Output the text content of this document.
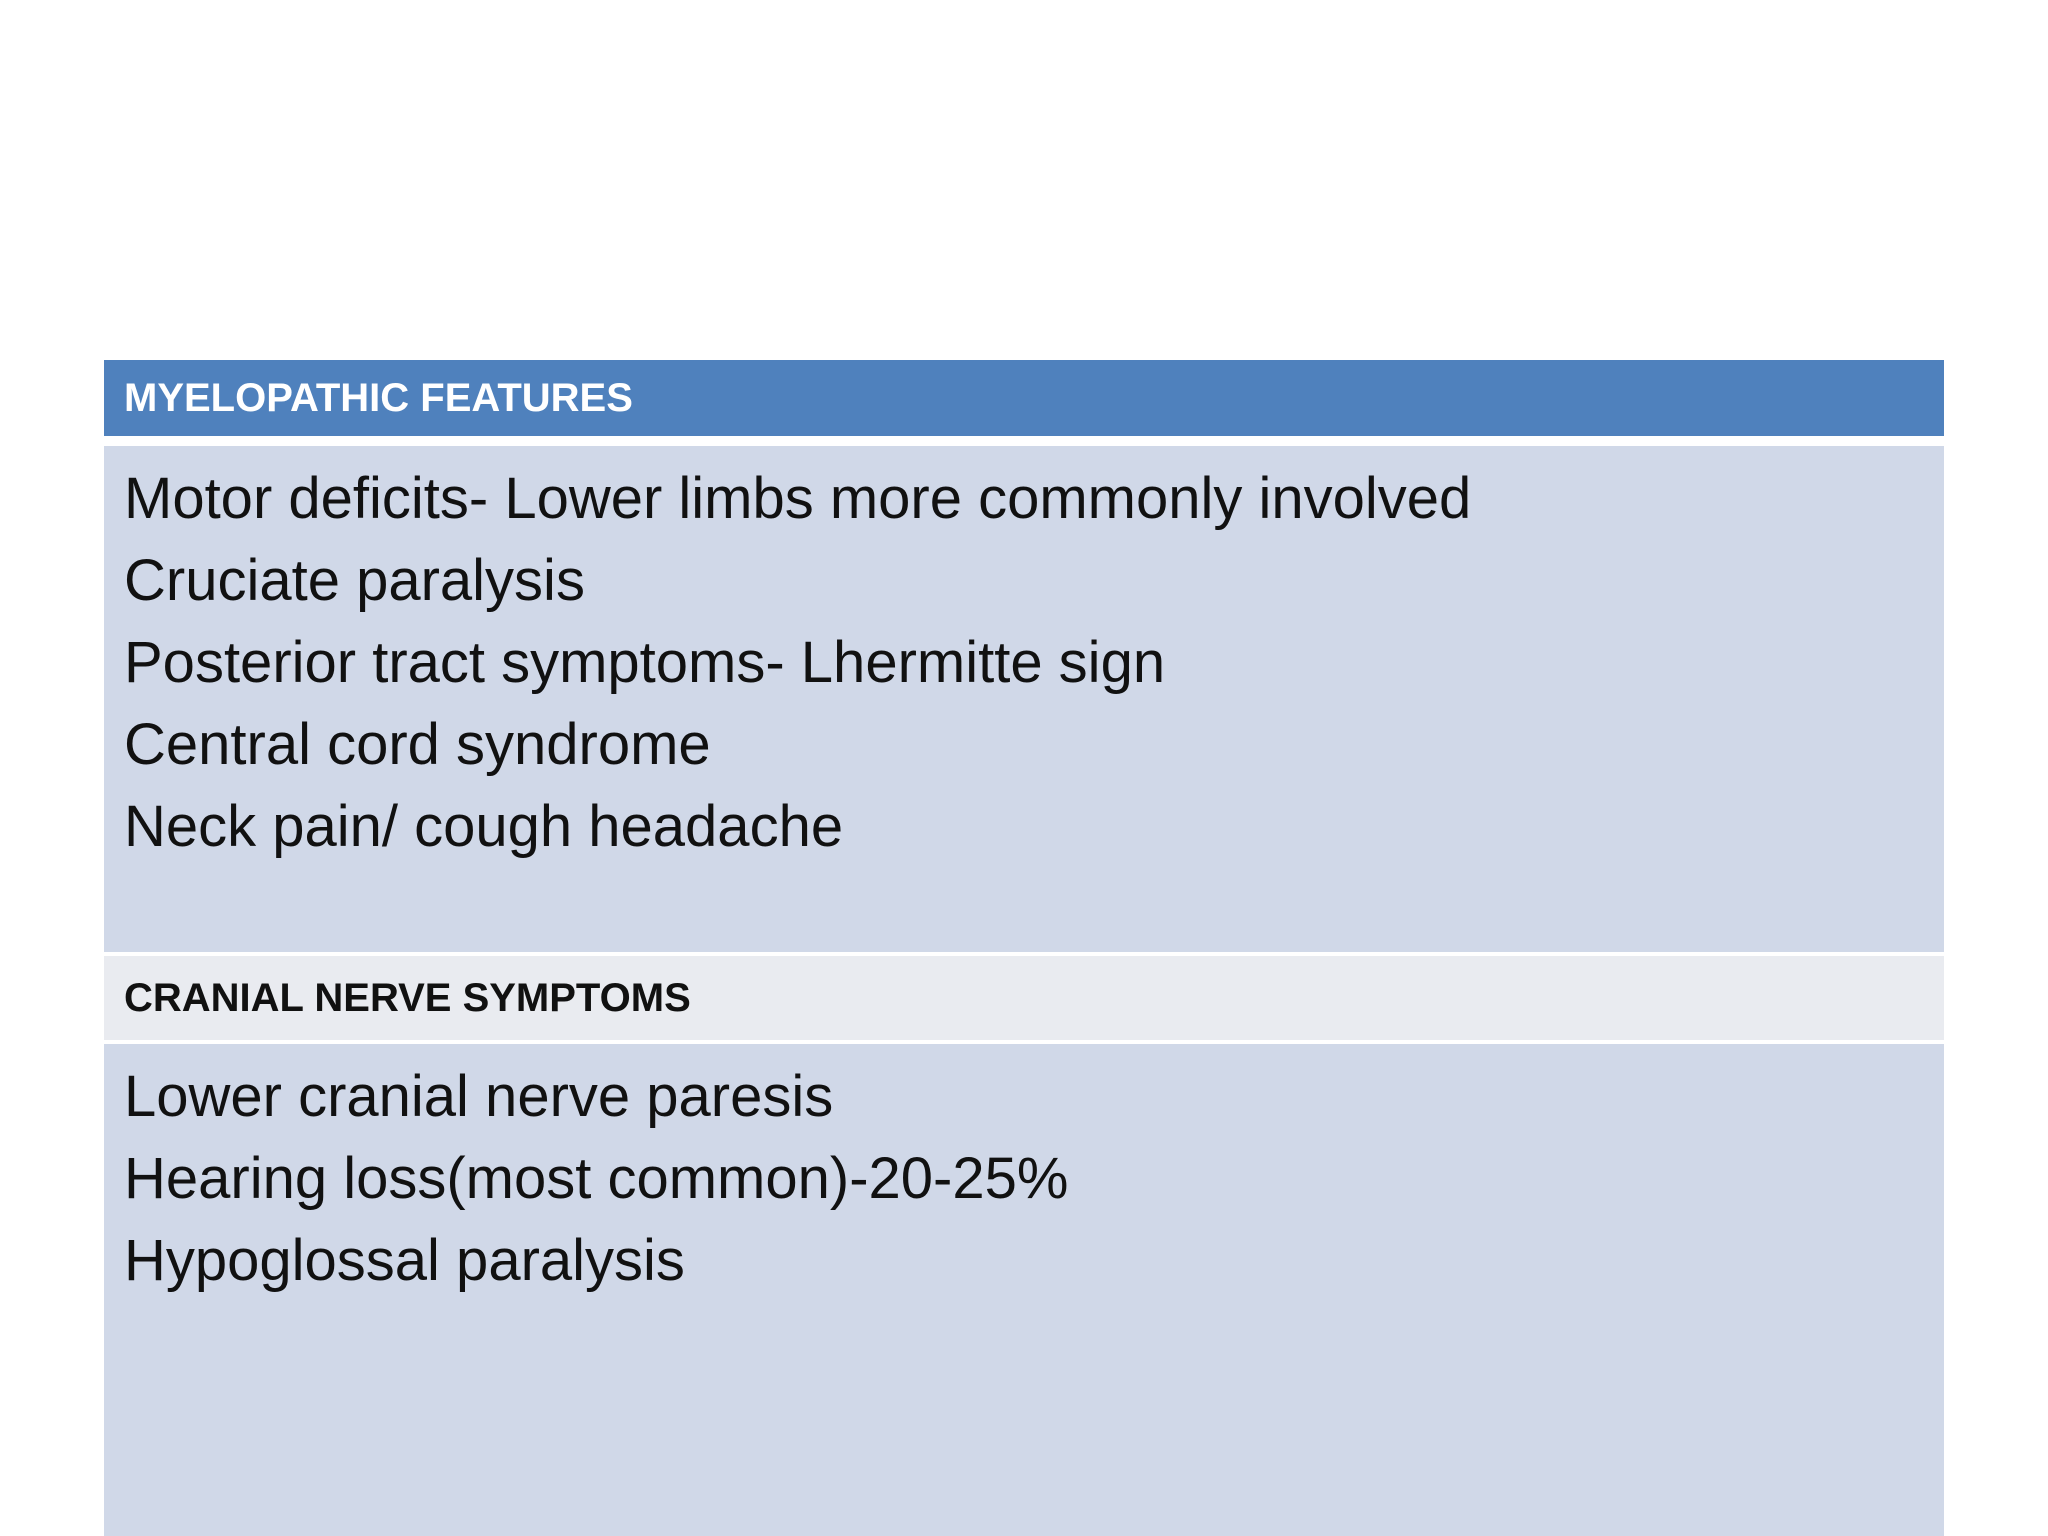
MYELOPATHIC FEATURES
Motor deficits- Lower limbs more commonly involved
Cruciate paralysis
Posterior tract symptoms- Lhermitte sign
Central cord syndrome
Neck pain/ cough headache
CRANIAL NERVE SYMPTOMS
Lower cranial nerve paresis
Hearing loss(most common)-20-25%
Hypoglossal paralysis
